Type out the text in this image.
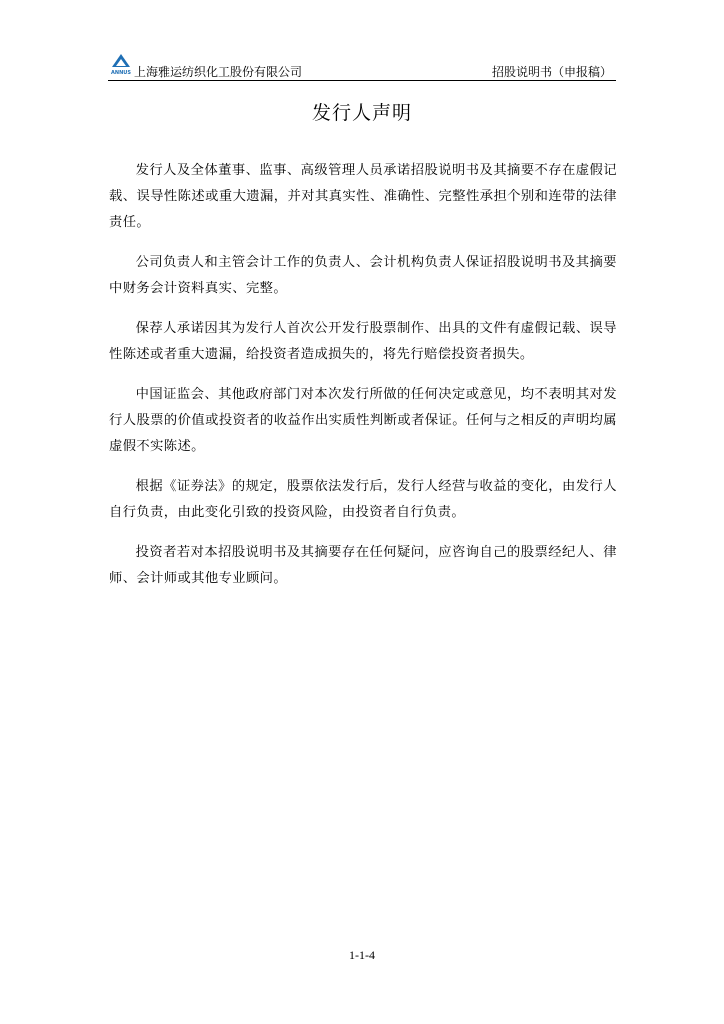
ANNUS 上海雅运纺织化工股份有限公司	招股说明书（申报稿）
发行人声明

发行人及全体董事、监事、高级管理人员承诺招股说明书及其摘要不存在虚假记载、误导性陈述或重大遗漏，并对其真实性、准确性、完整性承担个别和连带的法律责任。

公司负责人和主管会计工作的负责人、会计机构负责人保证招股说明书及其摘要中财务会计资料真实、完整。

保荐人承诺因其为发行人首次公开发行股票制作、出具的文件有虚假记载、误导性陈述或者重大遗漏，给投资者造成损失的，将先行赔偿投资者损失。

中国证监会、其他政府部门对本次发行所做的任何决定或意见，均不表明其对发行人股票的价值或投资者的收益作出实质性判断或者保证。任何与之相反的声明均属虚假不实陈述。

根据《证券法》的规定，股票依法发行后，发行人经营与收益的变化，由发行人自行负责，由此变化引致的投资风险，由投资者自行负责。

投资者若对本招股说明书及其摘要存在任何疑问，应咨询自己的股票经纪人、律师、会计师或其他专业顾问。

1-1-4
